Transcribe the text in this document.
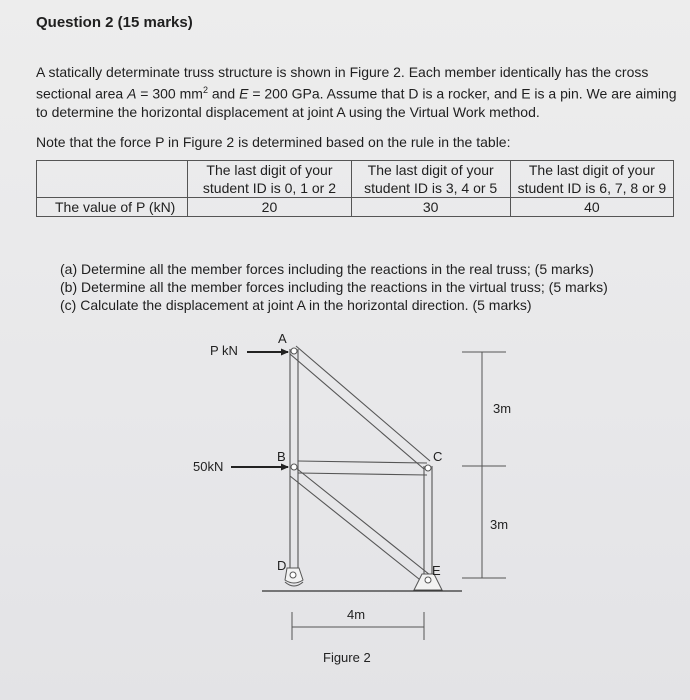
Question 2 (15 marks)
A statically determinate truss structure is shown in Figure 2. Each member identically has the cross
sectional area A = 300 $mm^2$ and E = 200 GPa. Assume that D is a rocker, and E is a pin. We are aiming
to determine the horizontal displacement at joint A using the Virtual Work method.
Note that the force P in Figure 2 is determined based on the rule in the table:
	The last digit of your student ID is 0, 1 or 2	The last digit of your student ID is 3, 4 or 5	The last digit of your student ID is 6, 7, 8 or 9
The value of P (kN)	20	30	40
(a) Determine all the member forces including the reactions in the real truss; (5 marks)
(b) Determine all the member forces including the reactions in the virtual truss; (5 marks)
(c) Calculate the displacement at joint A in the horizontal direction. (5 marks)
P kN
50kN
A
B	C
D	E
3m
3m
4m
Figure 2
